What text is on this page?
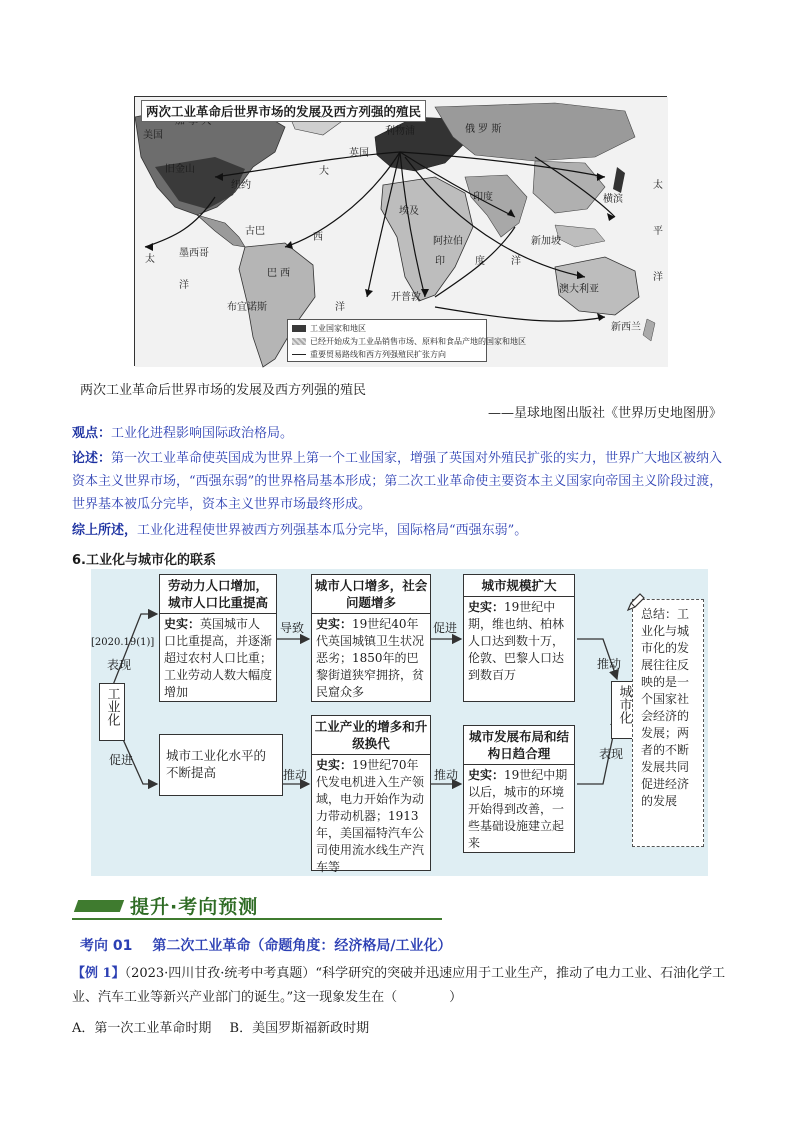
两次工业革命后世界市场的发展及西方列强的殖民
美国
旧金山
纽约
大
英国
利物浦	俄 罗 斯
墨西哥
太
洋
古巴
巴 西
布宜诺斯
西
洋
埃及
阿拉伯
印度
印	度	洋
新加坡
开普敦
澳大利亚
新西兰
横滨
太
平
洋
工业国家和地区
已经开始成为工业品销售市场、原料和食品产地的国家和地区
重要贸易路线和西方列强殖民扩张方向
两次工业革命后世界市场的发展及西方列强的殖民
——星球地图出版社《世界历史地图册》
观点：工业化进程影响国际政治格局。
论述：第一次工业革命使英国成为世界上第一个工业国家，增强了英国对外殖民扩张的实力，世界广大地区被纳入资本主义世界市场，“西强东弱”的世界格局基本形成；第二次工业革命使主要资本主义国家向帝国主义阶段过渡，世界基本被瓜分完毕，资本主义世界市场最终形成。
综上所述，工业化进程使世界被西方列强基本瓜分完毕，国际格局“西强东弱”。
6.工业化与城市化的联系
工业化
[2020.19(1)]
表现
促进
劳动力人口增加，城市人口比重提高
史实：英国城市人口比重提高，并逐渐超过农村人口比重；工业劳动人数大幅度增加
导致
城市人口增多，社会问题增多
史实：19世纪40年代英国城镇卫生状况恶劣；1850年的巴黎街道狭窄拥挤，贫民窟众多
促进
城市规模扩大
史实：19世纪中期，维也纳、柏林人口达到数十万，伦敦、巴黎人口达到数百万
推动
城市化
表现
城市工业化水平的不断提高	推动
工业产业的增多和升级换代
史实：19世纪70年代发电机进入生产领域，电力开始作为动力带动机器；1913年，美国福特汽车公司使用流水线生产汽车等
推动
城市发展布局和结构日趋合理
史实：19世纪中期以后，城市的环境开始得到改善，一些基础设施建立起来
总结：工业化与城市化的发展往往反映的是一个国家社会经济的发展；两者的不断发展共同促进经济的发展
提升·考向预测
考向 01 第二次工业革命（命题角度：经济格局/工业化）
【例 1】（2023·四川甘孜·统考中考真题）“科学研究的突破并迅速应用于工业生产，推动了电力工业、石油化学工业、汽车工业等新兴产业部门的诞生。”这一现象发生在（　　　　）
A．第一次工业革命时期 B．美国罗斯福新政时期
